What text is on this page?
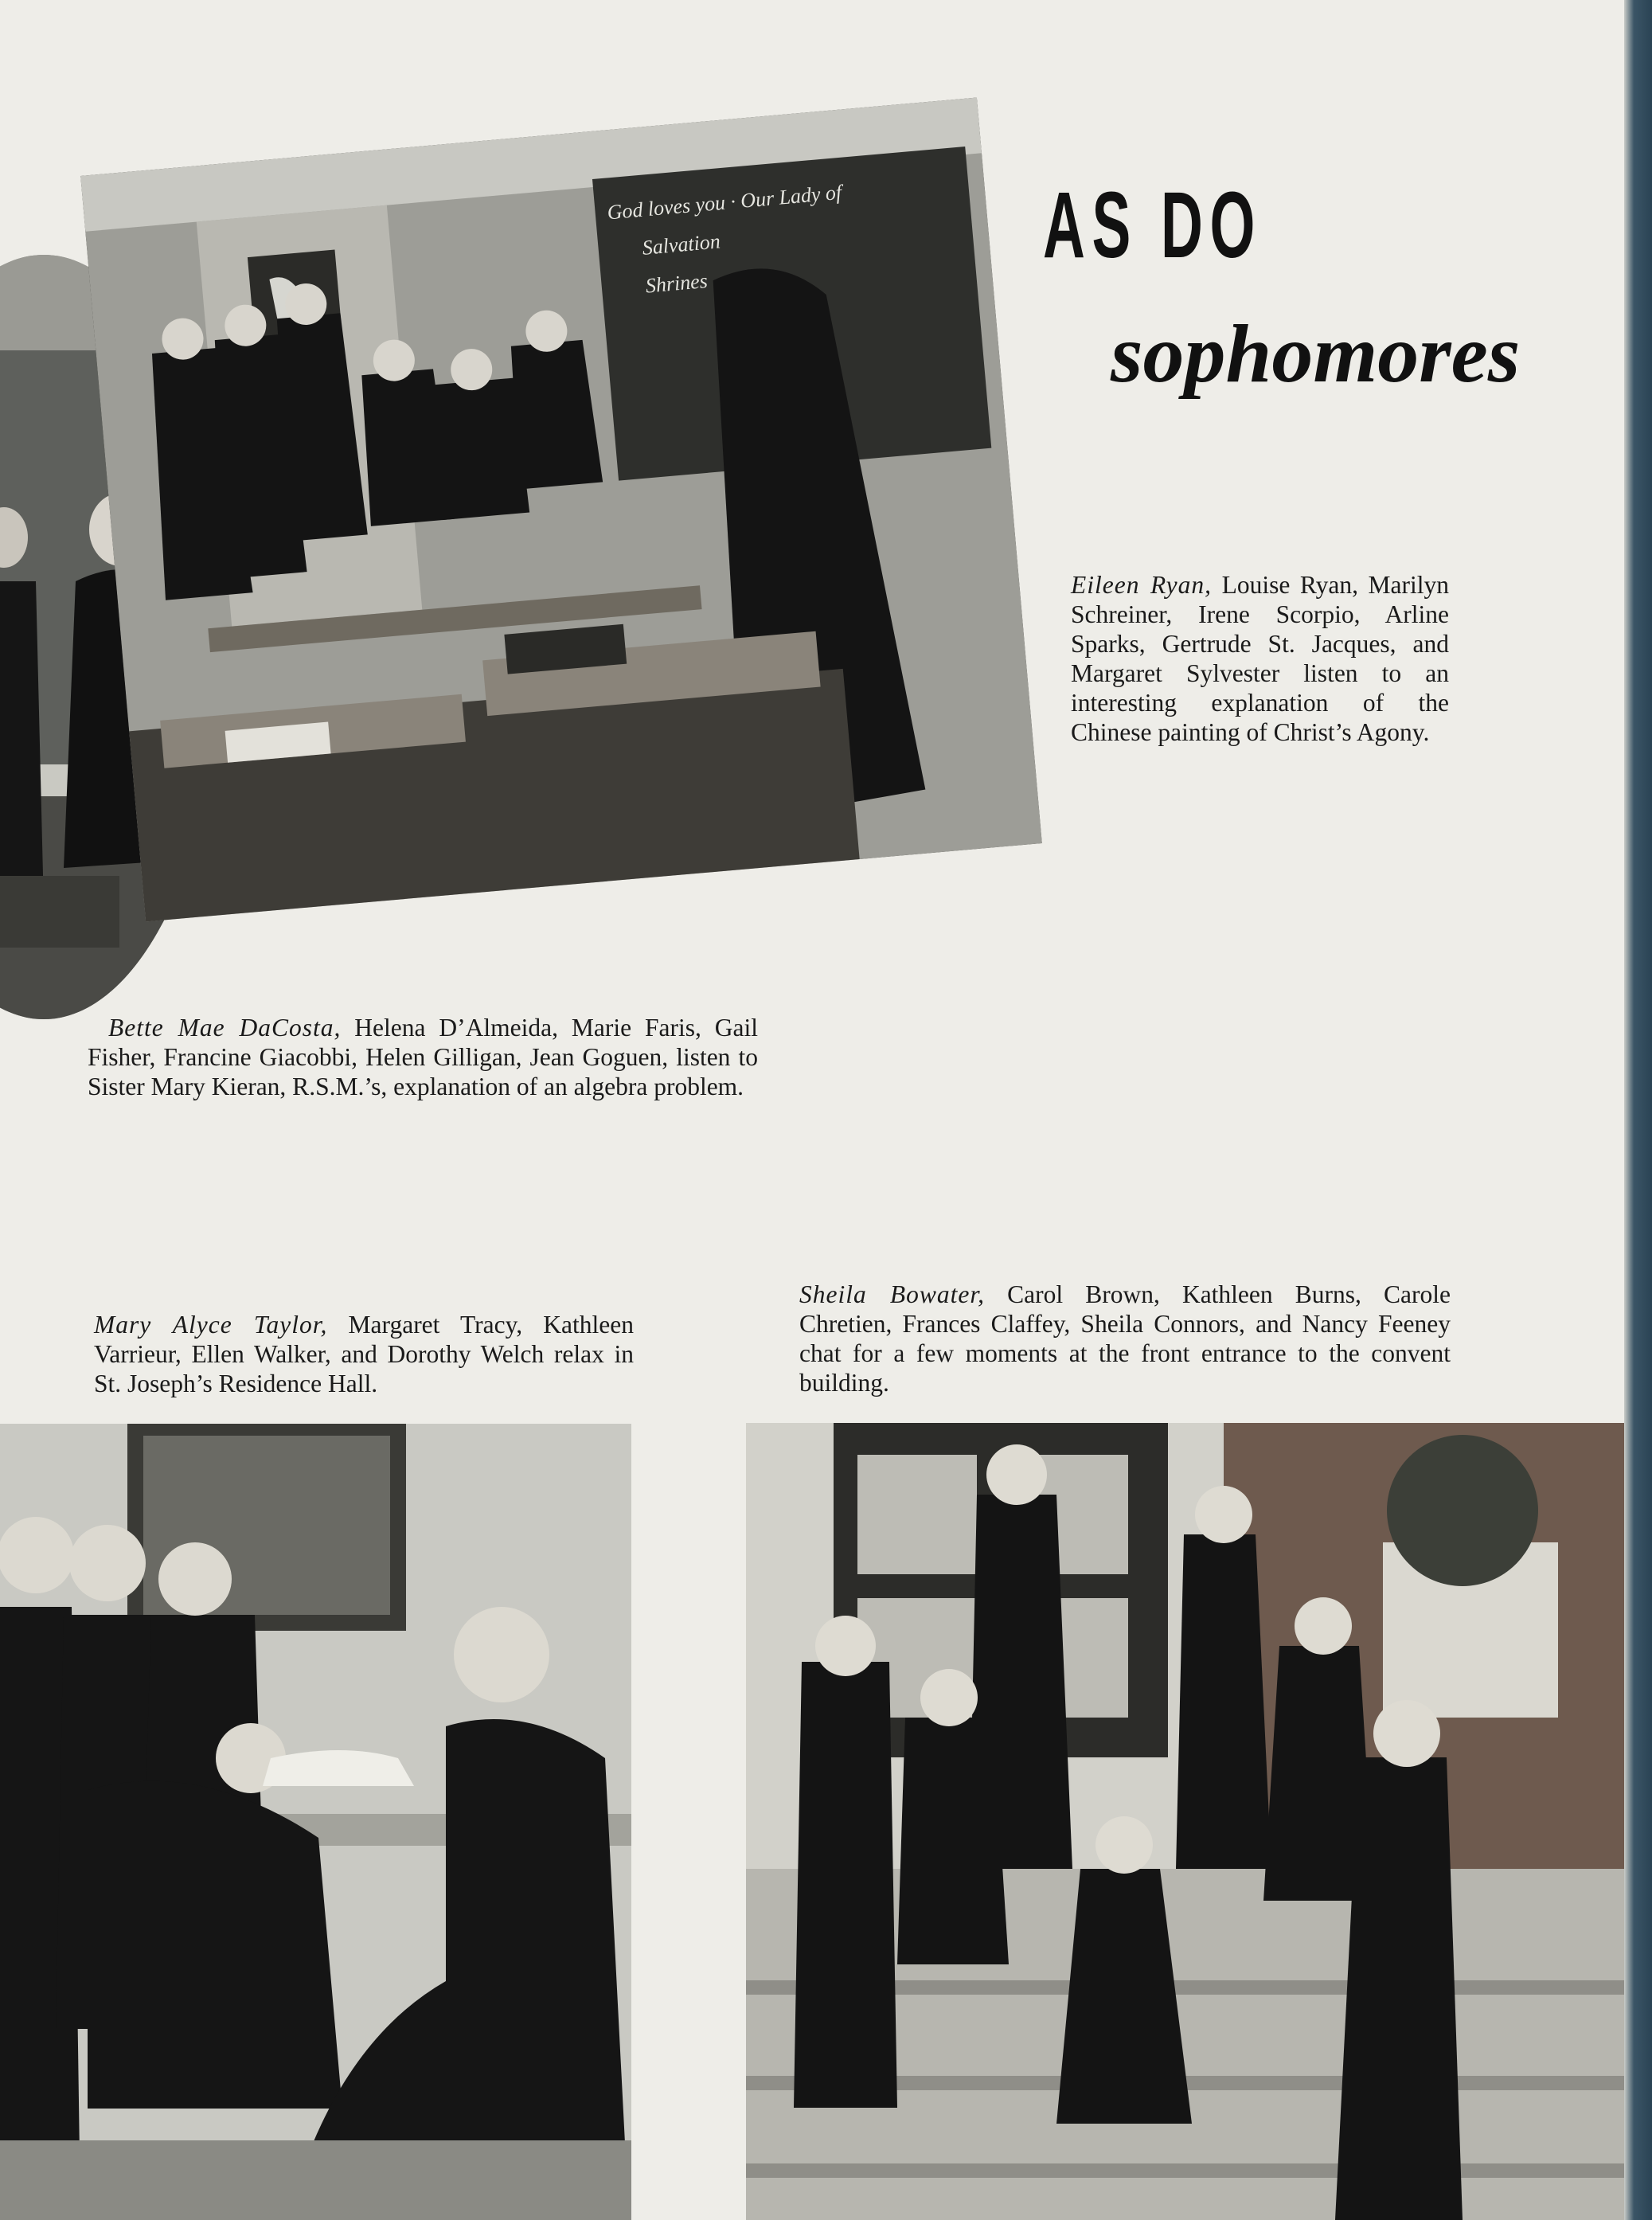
God loves you · Our Lady of
Salvation
Shrines
AS DO
sophomores
Eileen Ryan, Louise Ryan, Marilyn Schreiner, Irene Scorpio, Arline Sparks, Gertrude St. Jacques, and Margaret Sylvester listen to an interesting explanation of the Chinese painting of Christ’s Agony.
Bette Mae DaCosta, Helena D’Almeida, Marie Faris, Gail Fisher, Francine Giacobbi, Helen Gilligan, Jean Goguen, listen to Sister Mary Kieran, R.S.M.’s, explanation of an algebra problem.
Mary Alyce Taylor, Margaret Tracy, Kathleen Varrieur, Ellen Walker, and Dorothy Welch relax in St. Joseph’s Residence Hall.
Sheila Bowater, Carol Brown, Kathleen Burns, Carole Chretien, Frances Claffey, Sheila Connors, and Nancy Feeney chat for a few moments at the front entrance to the convent building.
